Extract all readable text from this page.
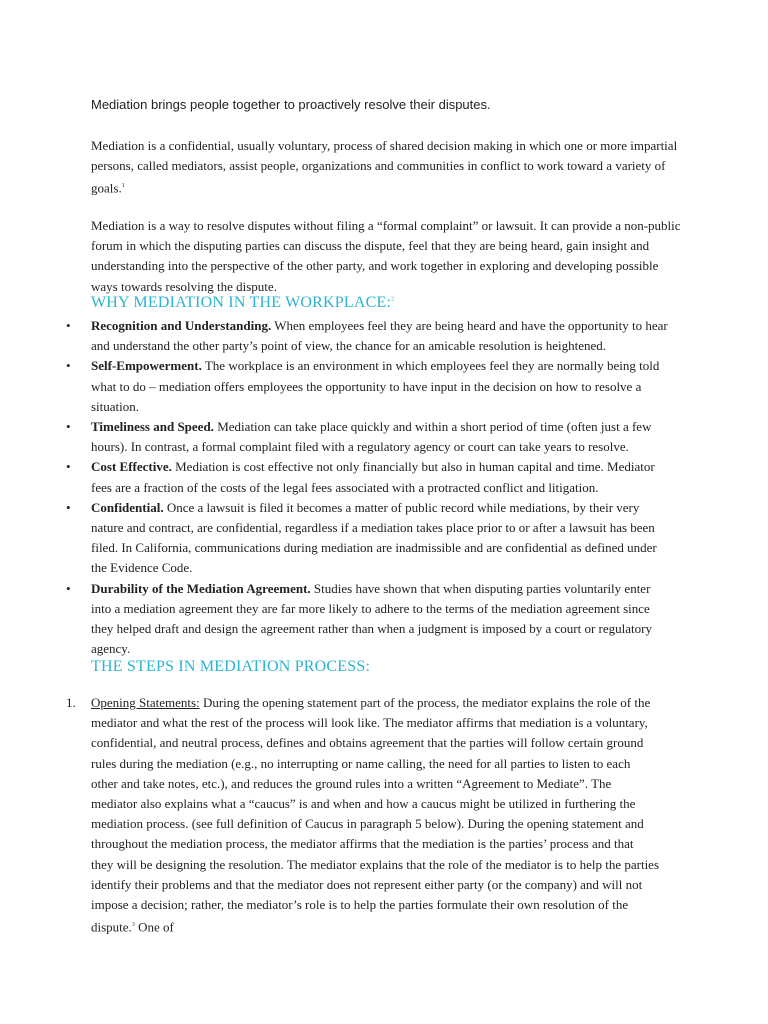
Mediation brings people together to proactively resolve their disputes.

Mediation is a confidential, usually voluntary, process of shared decision making in which one or more impartial persons, called mediators, assist people, organizations and communities in conflict to work toward a variety of goals.$^1$

Mediation is a way to resolve disputes without filing a “formal complaint” or lawsuit. It can provide a non-public forum in which the disputing parties can discuss the dispute, feel that they are being heard, gain insight and understanding into the perspective of the other party, and work together in exploring and developing possible ways towards resolving the dispute.

WHY MEDIATION IN THE WORKPLACE:$^2$
• Recognition and Understanding. When employees feel they are being heard and have the opportunity to hear and understand the other party’s point of view, the chance for an amicable resolution is heightened.
• Self-Empowerment. The workplace is an environment in which employees feel they are normally being told what to do – mediation offers employees the opportunity to have input in the decision on how to resolve a situation.
• Timeliness and Speed. Mediation can take place quickly and within a short period of time (often just a few hours). In contrast, a formal complaint filed with a regulatory agency or court can take years to resolve.
• Cost Effective. Mediation is cost effective not only financially but also in human capital and time. Mediator fees are a fraction of the costs of the legal fees associated with a protracted conflict and litigation.
• Confidential. Once a lawsuit is filed it becomes a matter of public record while mediations, by their very nature and contract, are confidential, regardless if a mediation takes place prior to or after a lawsuit has been filed. In California, communications during mediation are inadmissible and are confidential as defined under the Evidence Code.
• Durability of the Mediation Agreement. Studies have shown that when disputing parties voluntarily enter into a mediation agreement they are far more likely to adhere to the terms of the mediation agreement since they helped draft and design the agreement rather than when a judgment is imposed by a court or regulatory agency.
THE STEPS IN MEDIATION PROCESS:
1. Opening Statements: During the opening statement part of the process, the mediator explains the role of the mediator and what the rest of the process will look like. The mediator affirms that mediation is a voluntary, confidential, and neutral process, defines and obtains agreement that the parties will follow certain ground rules during the mediation (e.g., no interrupting or name calling, the need for all parties to listen to each other and take notes, etc.), and reduces the ground rules into a written “Agreement to Mediate”. The mediator also explains what a “caucus” is and when and how a caucus might be utilized in furthering the mediation process. (see full definition of Caucus in paragraph 5 below). During the opening statement and throughout the mediation process, the mediator affirms that the mediation is the parties’ process and that they will be designing the resolution. The mediator explains that the role of the mediator is to help the parties identify their problems and that the mediator does not represent either party (or the company) and will not impose a decision; rather, the mediator’s role is to help the parties formulate their own resolution of the dispute.$^3$ One of
